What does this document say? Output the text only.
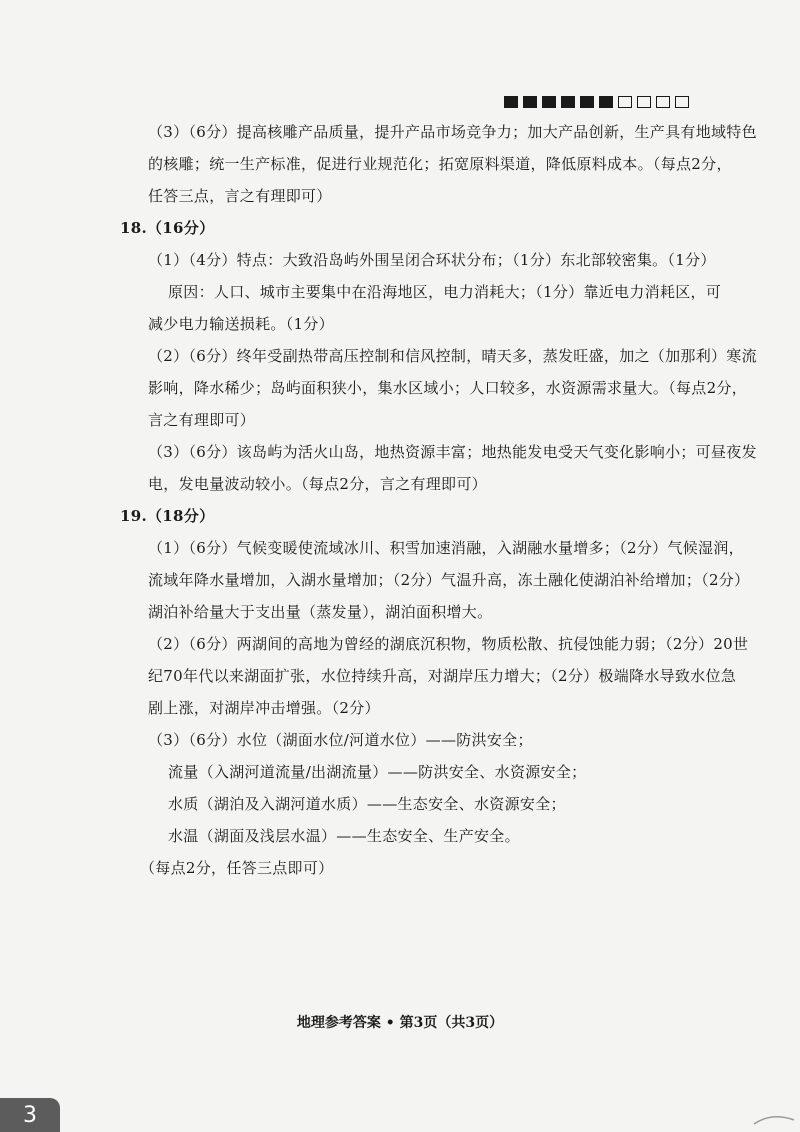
（3）（6分）提高核雕产品质量，提升产品市场竞争力；加大产品创新，生产具有地域特色
的核雕；统一生产标准，促进行业规范化；拓宽原料渠道，降低原料成本。（每点2分，
任答三点，言之有理即可）
18.（16分）
（1）（4分）特点：大致沿岛屿外围呈闭合环状分布；（1分）东北部较密集。（1分）
原因：人口、城市主要集中在沿海地区，电力消耗大；（1分）靠近电力消耗区，可
减少电力输送损耗。（1分）
（2）（6分）终年受副热带高压控制和信风控制，晴天多，蒸发旺盛，加之（加那利）寒流
影响，降水稀少；岛屿面积狭小，集水区域小；人口较多，水资源需求量大。（每点2分，
言之有理即可）
（3）（6分）该岛屿为活火山岛，地热资源丰富；地热能发电受天气变化影响小；可昼夜发
电，发电量波动较小。（每点2分，言之有理即可）
19.（18分）
（1）（6分）气候变暖使流域冰川、积雪加速消融，入湖融水量增多；（2分）气候湿润，
流域年降水量增加，入湖水量增加；（2分）气温升高，冻土融化使湖泊补给增加；（2分）
湖泊补给量大于支出量（蒸发量），湖泊面积增大。
（2）（6分）两湖间的高地为曾经的湖底沉积物，物质松散、抗侵蚀能力弱；（2分）20世
纪70年代以来湖面扩张，水位持续升高，对湖岸压力增大；（2分）极端降水导致水位急
剧上涨，对湖岸冲击增强。（2分）
（3）（6分）水位（湖面水位/河道水位）——防洪安全；
流量（入湖河道流量/出湖流量）——防洪安全、水资源安全；
水质（湖泊及入湖河道水质）——生态安全、水资源安全；
水温（湖面及浅层水温）——生态安全、生产安全。
（每点2分，任答三点即可）
地理参考答案 • 第3页（共3页）
3
